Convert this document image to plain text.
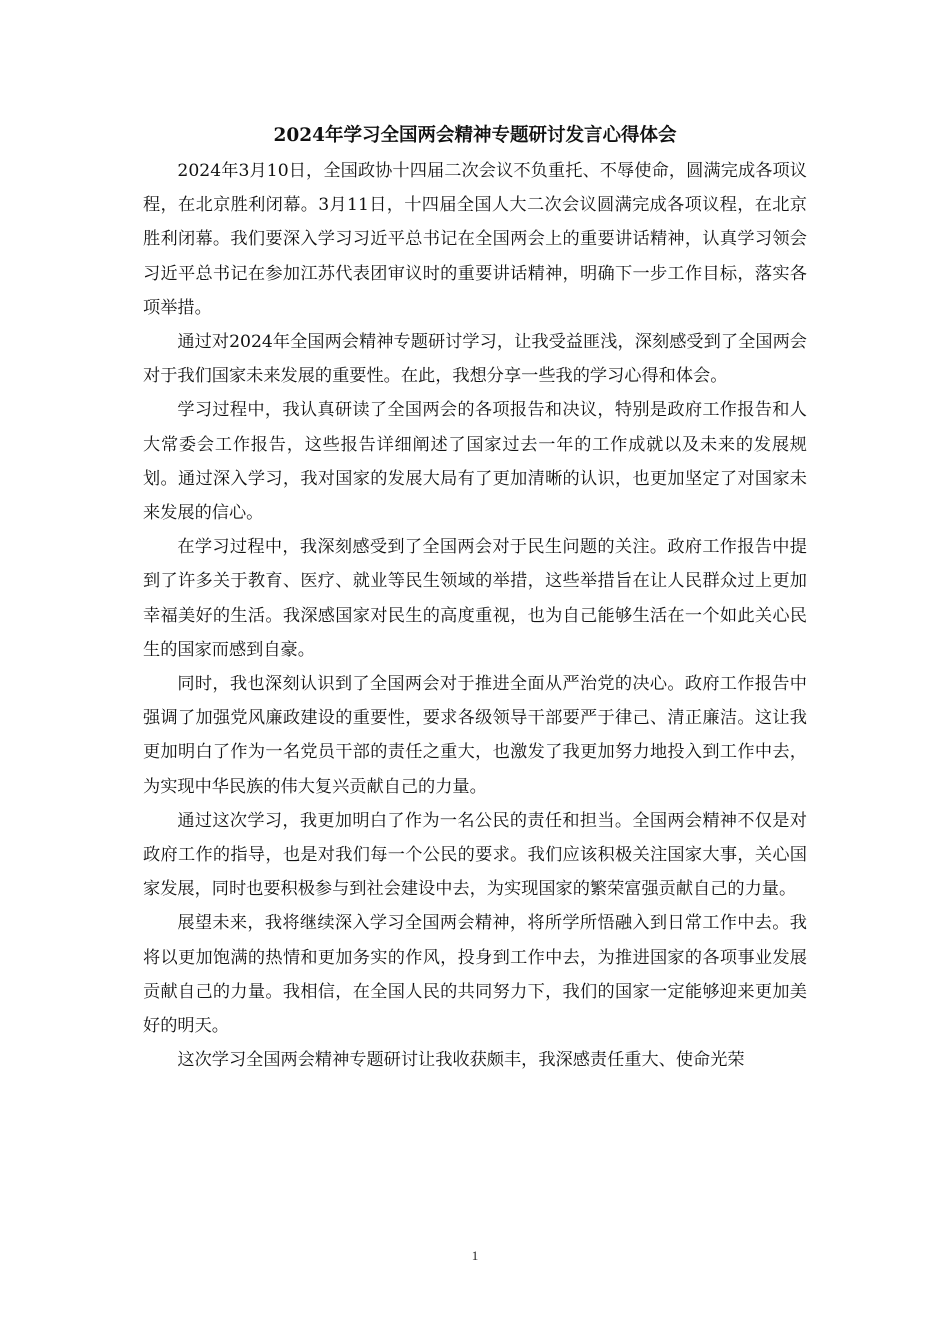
2024年学习全国两会精神专题研讨发言心得体会

2024年3月10日，全国政协十四届二次会议不负重托、不辱使命，圆满完成各项议程，在北京胜利闭幕。3月11日，十四届全国人大二次会议圆满完成各项议程，在北京胜利闭幕。我们要深入学习习近平总书记在全国两会上的重要讲话精神，认真学习领会习近平总书记在参加江苏代表团审议时的重要讲话精神，明确下一步工作目标，落实各项举措。

通过对2024年全国两会精神专题研讨学习，让我受益匪浅，深刻感受到了全国两会对于我们国家未来发展的重要性。在此，我想分享一些我的学习心得和体会。

学习过程中，我认真研读了全国两会的各项报告和决议，特别是政府工作报告和人大常委会工作报告，这些报告详细阐述了国家过去一年的工作成就以及未来的发展规划。通过深入学习，我对国家的发展大局有了更加清晰的认识，也更加坚定了对国家未来发展的信心。

在学习过程中，我深刻感受到了全国两会对于民生问题的关注。政府工作报告中提到了许多关于教育、医疗、就业等民生领域的举措，这些举措旨在让人民群众过上更加幸福美好的生活。我深感国家对民生的高度重视，也为自己能够生活在一个如此关心民生的国家而感到自豪。

同时，我也深刻认识到了全国两会对于推进全面从严治党的决心。政府工作报告中强调了加强党风廉政建设的重要性，要求各级领导干部要严于律己、清正廉洁。这让我更加明白了作为一名党员干部的责任之重大，也激发了我更加努力地投入到工作中去，为实现中华民族的伟大复兴贡献自己的力量。

通过这次学习，我更加明白了作为一名公民的责任和担当。全国两会精神不仅是对政府工作的指导，也是对我们每一个公民的要求。我们应该积极关注国家大事，关心国家发展，同时也要积极参与到社会建设中去，为实现国家的繁荣富强贡献自己的力量。

展望未来，我将继续深入学习全国两会精神，将所学所悟融入到日常工作中去。我将以更加饱满的热情和更加务实的作风，投身到工作中去，为推进国家的各项事业发展贡献自己的力量。我相信，在全国人民的共同努力下，我们的国家一定能够迎来更加美好的明天。

这次学习全国两会精神专题研讨让我收获颇丰，我深感责任重大、使命光荣

1
